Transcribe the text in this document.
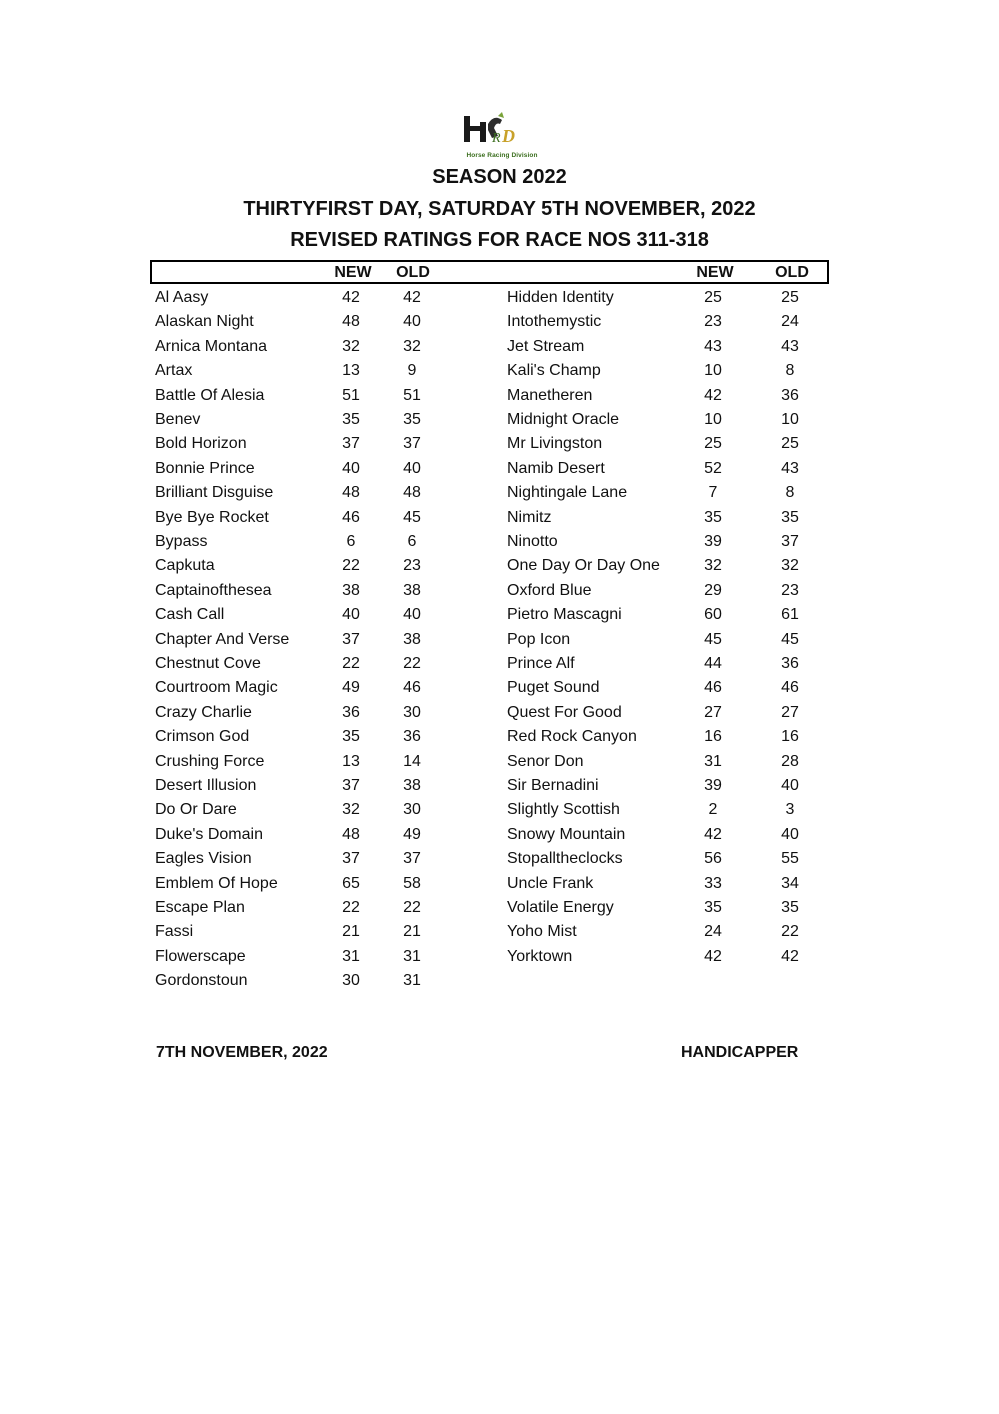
D
R
Horse Racing Division
SEASON 2022
THIRTYFIRST DAY, SATURDAY 5TH NOVEMBER, 2022
REVISED RATINGS FOR RACE NOS 311-318
NEW	OLD	NEW	OLD
Al Aasy	42	42
Alaskan Night	48	40
Arnica Montana	32	32
Artax	13	9
Battle Of Alesia	51	51
Benev	35	35
Bold Horizon	37	37
Bonnie Prince	40	40
Brilliant Disguise	48	48
Bye Bye Rocket	46	45
Bypass	6	6
Capkuta	22	23
Captainofthesea	38	38
Cash Call	40	40
Chapter And Verse	37	38
Chestnut Cove	22	22
Courtroom Magic	49	46
Crazy Charlie	36	30
Crimson God	35	36
Crushing Force	13	14
Desert Illusion	37	38
Do Or Dare	32	30
Duke's Domain	48	49
Eagles Vision	37	37
Emblem Of Hope	65	58
Escape Plan	22	22
Fassi	21	21
Flowerscape	31	31
Gordonstoun	30	31
Hidden Identity	25	25
Intothemystic	23	24
Jet Stream	43	43
Kali's Champ	10	8
Manetheren	42	36
Midnight Oracle	10	10
Mr Livingston	25	25
Namib Desert	52	43
Nightingale Lane	7	8
Nimitz	35	35
Ninotto	39	37
One Day Or Day One	32	32
Oxford Blue	29	23
Pietro Mascagni	60	61
Pop Icon	45	45
Prince Alf	44	36
Puget Sound	46	46
Quest For Good	27	27
Red Rock Canyon	16	16
Senor Don	31	28
Sir Bernadini	39	40
Slightly Scottish	2	3
Snowy Mountain	42	40
Stopalltheclocks	56	55
Uncle Frank	33	34
Volatile Energy	35	35
Yoho Mist	24	22
Yorktown	42	42
7TH NOVEMBER, 2022	HANDICAPPER
